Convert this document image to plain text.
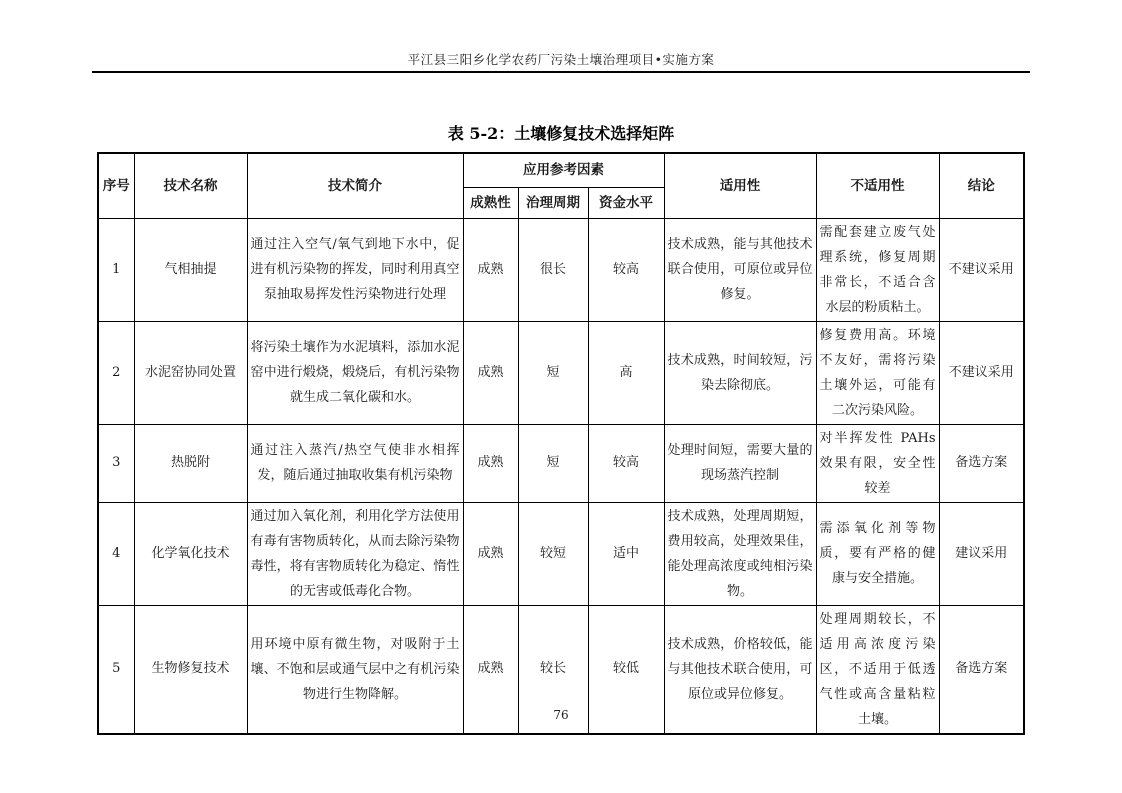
平江县三阳乡化学农药厂污染土壤治理项目•实施方案
表 5-2：土壤修复技术选择矩阵
序号	技术名称	技术简介	应用参考因素			适用性	不适用性	结论
			成熟性	治理周期	资金水平			
1	气相抽提	通过注入空气/氧气到地下水中，促进有机污染物的挥发，同时利用真空泵抽取易挥发性污染物进行处理	成熟	很长	较高	技术成熟，能与其他技术联合使用，可原位或异位修复。	需配套建立废气处理系统，修复周期非常长，不适合含水层的粉质粘土。	不建议采用
2	水泥窑协同处置	将污染土壤作为水泥填料，添加水泥窑中进行煅烧，煅烧后，有机污染物就生成二氧化碳和水。	成熟	短	高	技术成熟，时间较短，污染去除彻底。	修复费用高。环境不友好，需将污染土壤外运，可能有二次污染风险。	不建议采用
3	热脱附	通过注入蒸汽/热空气使非水相挥发，随后通过抽取收集有机污染物	成熟	短	较高	处理时间短，需要大量的现场蒸汽控制	对半挥发性 PAHs 效果有限，安全性较差	备选方案
4	化学氧化技术	通过加入氧化剂，利用化学方法使用有毒有害物质转化，从而去除污染物毒性，将有害物质转化为稳定、惰性的无害或低毒化合物。	成熟	较短	适中	技术成熟，处理周期短，费用较高，处理效果佳，能处理高浓度或纯相污染物。	需添氧化剂等物质，要有严格的健康与安全措施。	建议采用
5	生物修复技术	用环境中原有微生物，对吸附于土壤、不饱和层或通气层中之有机污染物进行生物降解。	成熟	较长	较低	技术成熟，价格较低，能与其他技术联合使用，可原位或异位修复。	处理周期较长，不适用高浓度污染区，不适用于低透气性或高含量粘粒土壤。	备选方案
76
